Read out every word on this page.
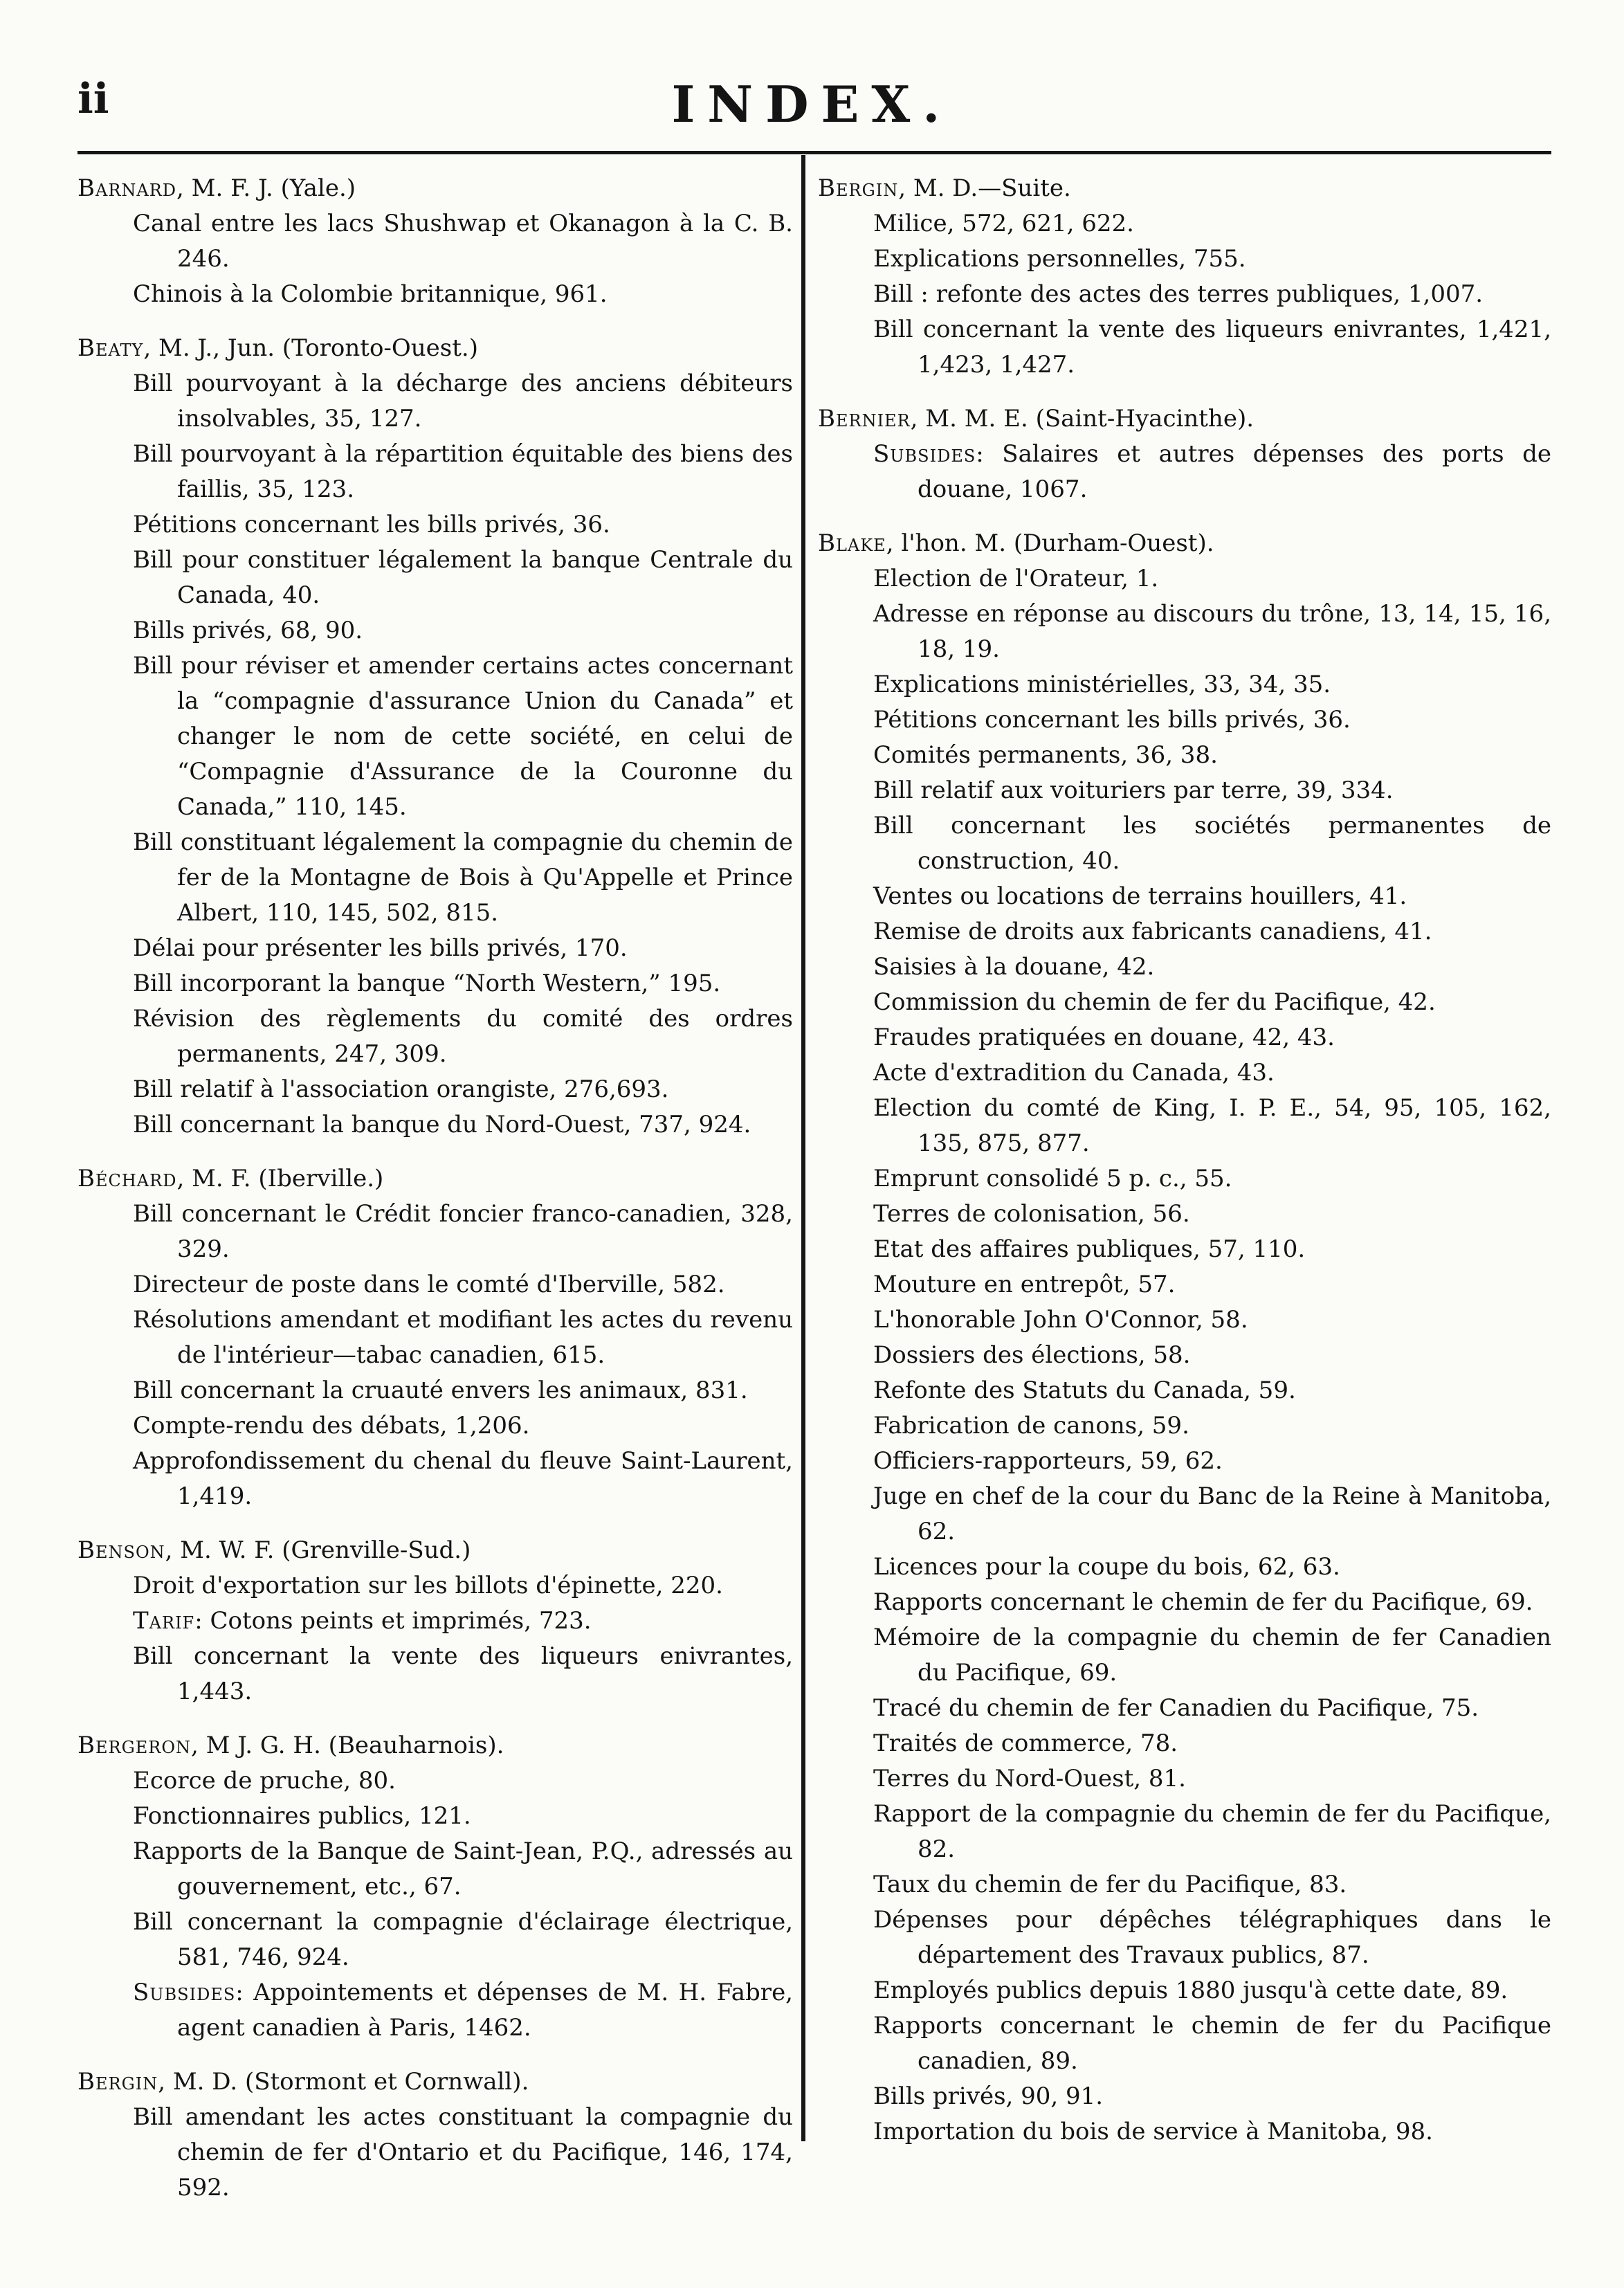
ii	INDEX.

Barnard, M. F. J. (Yale.)

Canal entre les lacs Shushwap et Okanagon à la C. B. 246.

Chinois à la Colombie britannique, 961.

Beaty, M. J., Jun. (Toronto-Ouest.)

Bill pourvoyant à la décharge des anciens débiteurs insolvables, 35, 127.

Bill pourvoyant à la répartition équitable des biens des faillis, 35, 123.

Pétitions concernant les bills privés, 36.

Bill pour constituer légalement la banque Centrale du Canada, 40.

Bills privés, 68, 90.

Bill pour réviser et amender certains actes concernant la “compagnie d'assurance Union du Canada” et changer le nom de cette société, en celui de “Compagnie d'Assurance de la Couronne du Canada,” 110, 145.

Bill constituant légalement la compagnie du chemin de fer de la Montagne de Bois à Qu'Appelle et Prince Albert, 110, 145, 502, 815.

Délai pour présenter les bills privés, 170.

Bill incorporant la banque “North Western,” 195.

Révision des règlements du comité des ordres permanents, 247, 309.

Bill relatif à l'association orangiste, 276,693.

Bill concernant la banque du Nord-Ouest, 737, 924.

Béchard, M. F. (Iberville.)

Bill concernant le Crédit foncier franco-canadien, 328, 329.

Directeur de poste dans le comté d'Iberville, 582.

Résolutions amendant et modifiant les actes du revenu de l'intérieur—tabac canadien, 615.

Bill concernant la cruauté envers les animaux, 831.

Compte-rendu des débats, 1,206.

Approfondissement du chenal du fleuve Saint-Laurent, 1,419.

Benson, M. W. F. (Grenville-Sud.)

Droit d'exportation sur les billots d'épinette, 220.

Tarif: Cotons peints et imprimés, 723.

Bill concernant la vente des liqueurs enivrantes, 1,443.

Bergeron, M J. G. H. (Beauharnois).

Ecorce de pruche, 80.

Fonctionnaires publics, 121.

Rapports de la Banque de Saint-Jean, P.Q., adressés au gouvernement, etc., 67.

Bill concernant la compagnie d'éclairage électrique, 581, 746, 924.

Subsides: Appointements et dépenses de M. H. Fabre, agent canadien à Paris, 1462.

Bergin, M. D. (Stormont et Cornwall).

Bill amendant les actes constituant la compagnie du chemin de fer d'Ontario et du Pacifique, 146, 174, 592.

Bergin, M. D.—Suite.

Milice, 572, 621, 622.

Explications personnelles, 755.

Bill : refonte des actes des terres publiques, 1,007.

Bill concernant la vente des liqueurs enivrantes, 1,421, 1,423, 1,427.

Bernier, M. M. E. (Saint-Hyacinthe).

Subsides: Salaires et autres dépenses des ports de douane, 1067.

Blake, l'hon. M. (Durham-Ouest).

Election de l'Orateur, 1.

Adresse en réponse au discours du trône, 13, 14, 15, 16, 18, 19.

Explications ministérielles, 33, 34, 35.

Pétitions concernant les bills privés, 36.

Comités permanents, 36, 38.

Bill relatif aux voituriers par terre, 39, 334.

Bill concernant les sociétés permanentes de construction, 40.

Ventes ou locations de terrains houillers, 41.

Remise de droits aux fabricants canadiens, 41.

Saisies à la douane, 42.

Commission du chemin de fer du Pacifique, 42.

Fraudes pratiquées en douane, 42, 43.

Acte d'extradition du Canada, 43.

Election du comté de King, I. P. E., 54, 95, 105, 162, 135, 875, 877.

Emprunt consolidé 5 p. c., 55.

Terres de colonisation, 56.

Etat des affaires publiques, 57, 110.

Mouture en entrepôt, 57.

L'honorable John O'Connor, 58.

Dossiers des élections, 58.

Refonte des Statuts du Canada, 59.

Fabrication de canons, 59.

Officiers-rapporteurs, 59, 62.

Juge en chef de la cour du Banc de la Reine à Manitoba, 62.

Licences pour la coupe du bois, 62, 63.

Rapports concernant le chemin de fer du Pacifique, 69.

Mémoire de la compagnie du chemin de fer Canadien du Pacifique, 69.

Tracé du chemin de fer Canadien du Pacifique, 75.

Traités de commerce, 78.

Terres du Nord-Ouest, 81.

Rapport de la compagnie du chemin de fer du Pacifique, 82.

Taux du chemin de fer du Pacifique, 83.

Dépenses pour dépêches télégraphiques dans le département des Travaux publics, 87.

Employés publics depuis 1880 jusqu'à cette date, 89.

Rapports concernant le chemin de fer du Pacifique canadien, 89.

Bills privés, 90, 91.

Importation du bois de service à Manitoba, 98.
